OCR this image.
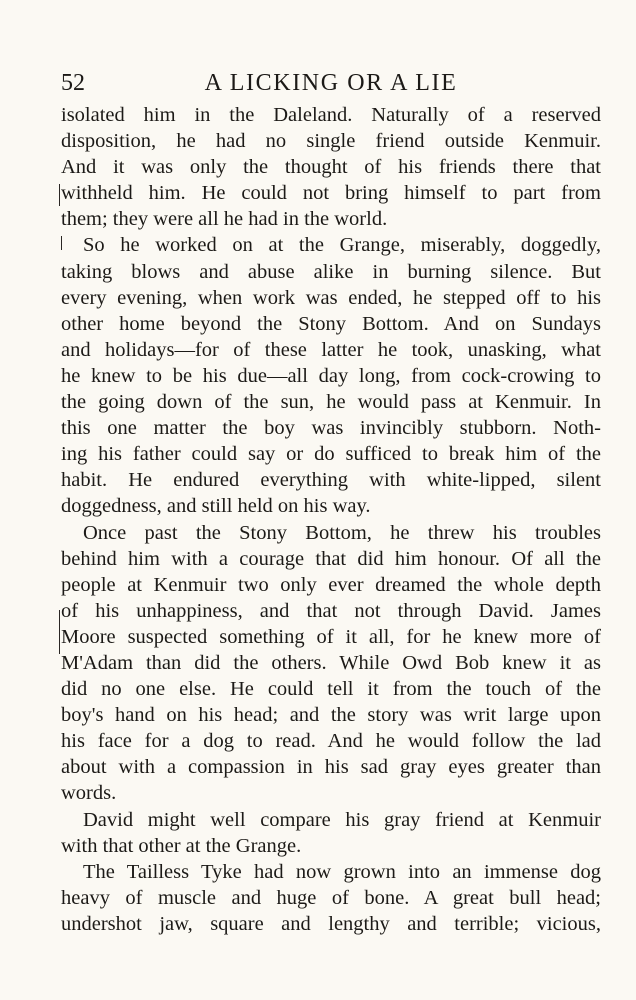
52	A LICKING OR A LIE
isolated him in the Daleland. Naturally of a reserved
disposition, he had no single friend outside Kenmuir.
And it was only the thought of his friends there that
withheld him. He could not bring himself to part from
them; they were all he had in the world.
So he worked on at the Grange, miserably, doggedly,
taking blows and abuse alike in burning silence. But
every evening, when work was ended, he stepped off to his
other home beyond the Stony Bottom. And on Sundays
and holidays—for of these latter he took, unasking, what
he knew to be his due—all day long, from cock-crowing to
the going down of the sun, he would pass at Kenmuir. In
this one matter the boy was invincibly stubborn. Noth-
ing his father could say or do sufficed to break him of the
habit. He endured everything with white-lipped, silent
doggedness, and still held on his way.
Once past the Stony Bottom, he threw his troubles
behind him with a courage that did him honour. Of all the
people at Kenmuir two only ever dreamed the whole depth
of his unhappiness, and that not through David. James
Moore suspected something of it all, for he knew more of
M'Adam than did the others. While Owd Bob knew it as
did no one else. He could tell it from the touch of the
boy's hand on his head; and the story was writ large upon
his face for a dog to read. And he would follow the lad
about with a compassion in his sad gray eyes greater than
words.
David might well compare his gray friend at Kenmuir
with that other at the Grange.
The Tailless Tyke had now grown into an immense dog
heavy of muscle and huge of bone. A great bull head;
undershot jaw, square and lengthy and terrible; vicious,
